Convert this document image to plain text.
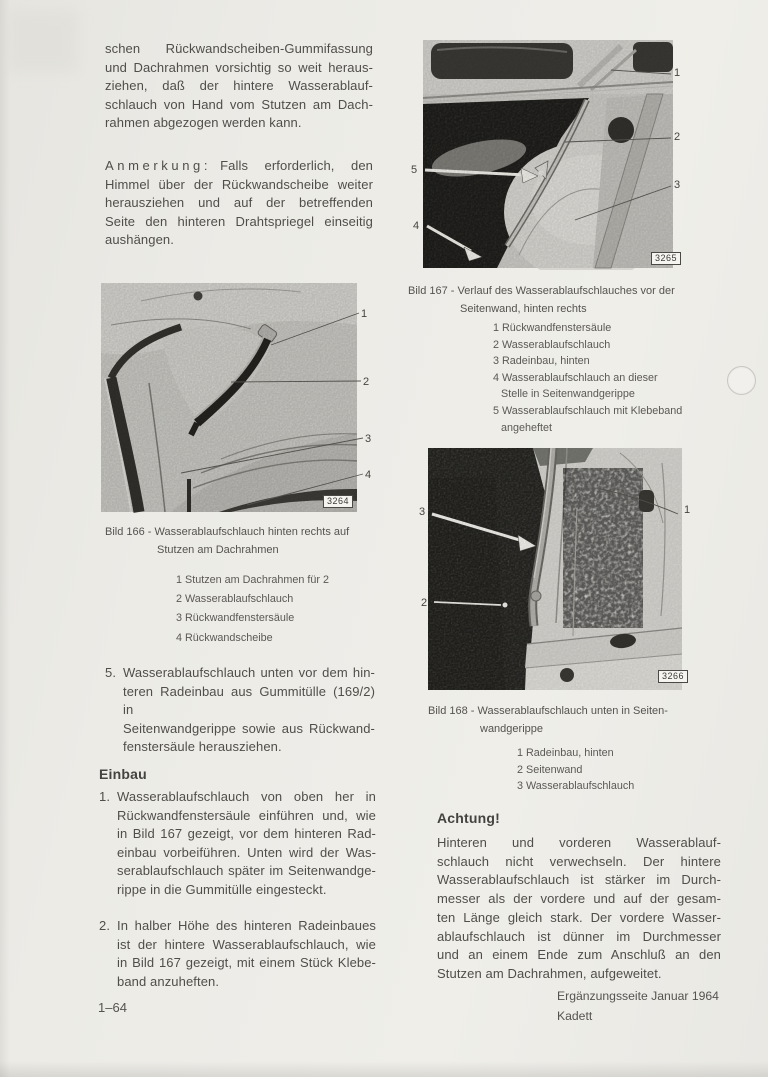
schen Rückwandscheiben-Gummifassung
und Dachrahmen vorsichtig so weit heraus-
ziehen, daß der hintere Wasserablauf-
schlauch von Hand vom Stutzen am Dach-
rahmen abgezogen werden kann.
Anmerkung: Falls erforderlich, den
Himmel über der Rückwandscheibe weiter
herausziehen und auf der betreffenden
Seite den hinteren Drahtspriegel einseitig
aushängen.
1
2
3
4
3264
Bild 166 - Wasserablaufschlauch hinten rechts auf
Stutzen am Dachrahmen
1 Stutzen am Dachrahmen für 2
2 Wasserablaufschlauch
3 Rückwandfenstersäule
4 Rückwandscheibe
5. Wasserablaufschlauch unten vor dem hin-
teren Radeinbau aus Gummitülle (169/2) in
Seitenwandgerippe sowie aus Rückwand-
fenstersäule herausziehen.
Einbau
1. Wasserablaufschlauch von oben her in
Rückwandfenstersäule einführen und, wie
in Bild 167 gezeigt, vor dem hinteren Rad-
einbau vorbeiführen. Unten wird der Was-
serablaufschlauch später im Seitenwandge-
rippe in die Gummitülle eingesteckt.
2. In halber Höhe des hinteren Radeinbaues
ist der hintere Wasserablaufschlauch, wie
in Bild 167 gezeigt, mit einem Stück Klebe-
band anzuheften.
1–64
1
2
3
5
4
3265
Bild 167 - Verlauf des Wasserablaufschlauches vor der
Seitenwand, hinten rechts
1 Rückwandfenstersäule
2 Wasserablaufschlauch
3 Radeinbau, hinten
4 Wasserablaufschlauch an dieser
Stelle in Seitenwandgerippe
5 Wasserablaufschlauch mit Klebeband
angeheftet
3
2
1
3266
Bild 168 - Wasserablaufschlauch unten in Seiten-
wandgerippe
1 Radeinbau, hinten
2 Seitenwand
3 Wasserablaufschlauch
Achtung!
Hinteren und vorderen Wasserablauf-
schlauch nicht verwechseln. Der hintere
Wasserablaufschlauch ist stärker im Durch-
messer als der vordere und auf der gesam-
ten Länge gleich stark. Der vordere Wasser-
ablaufschlauch ist dünner im Durchmesser
und an einem Ende zum Anschluß an den
Stutzen am Dachrahmen, aufgeweitet.
Ergänzungsseite Januar 1964
Kadett
